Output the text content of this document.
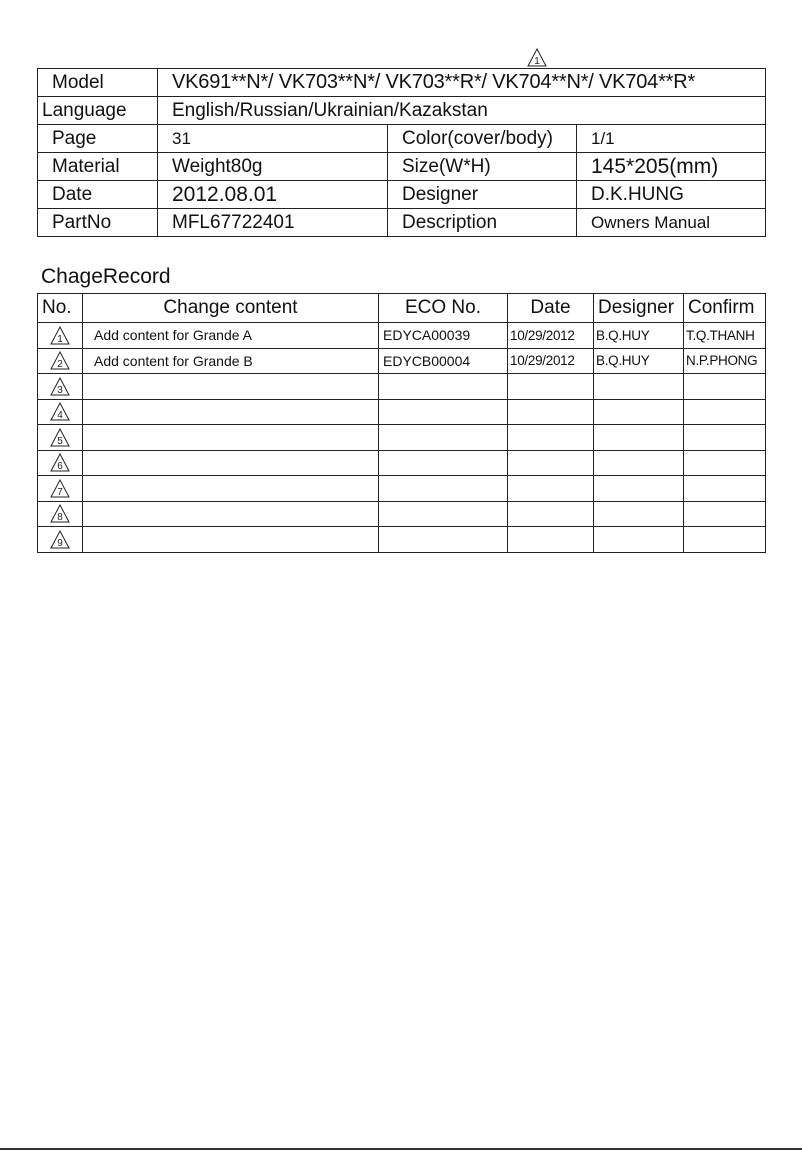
1
Model	VK691**N*/ VK703**N*/ VK703**R*/ VK704**N*/ VK704**R*		
Language	English/Russian/Ukrainian/Kazakstan		
Page	31	Color(cover/body)	1/1
Material	Weight80g	Size(W*H)	145*205(mm)
Date	2012.08.01	Designer	D.K.HUNG
PartNo	MFL67722401	Description	Owners Manual
ChageRecord
No.	Change content	ECO No.	Date	Designer	Confirm

1	Add content for Grande A	EDYCA00039	10/29/2012	B.Q.HUY	T.Q.THANH

2	Add content for Grande B	EDYCB00004	10/29/2012	B.Q.HUY	N.P.PHONG

3					

4					

5					

6					

7					

8					

9					
